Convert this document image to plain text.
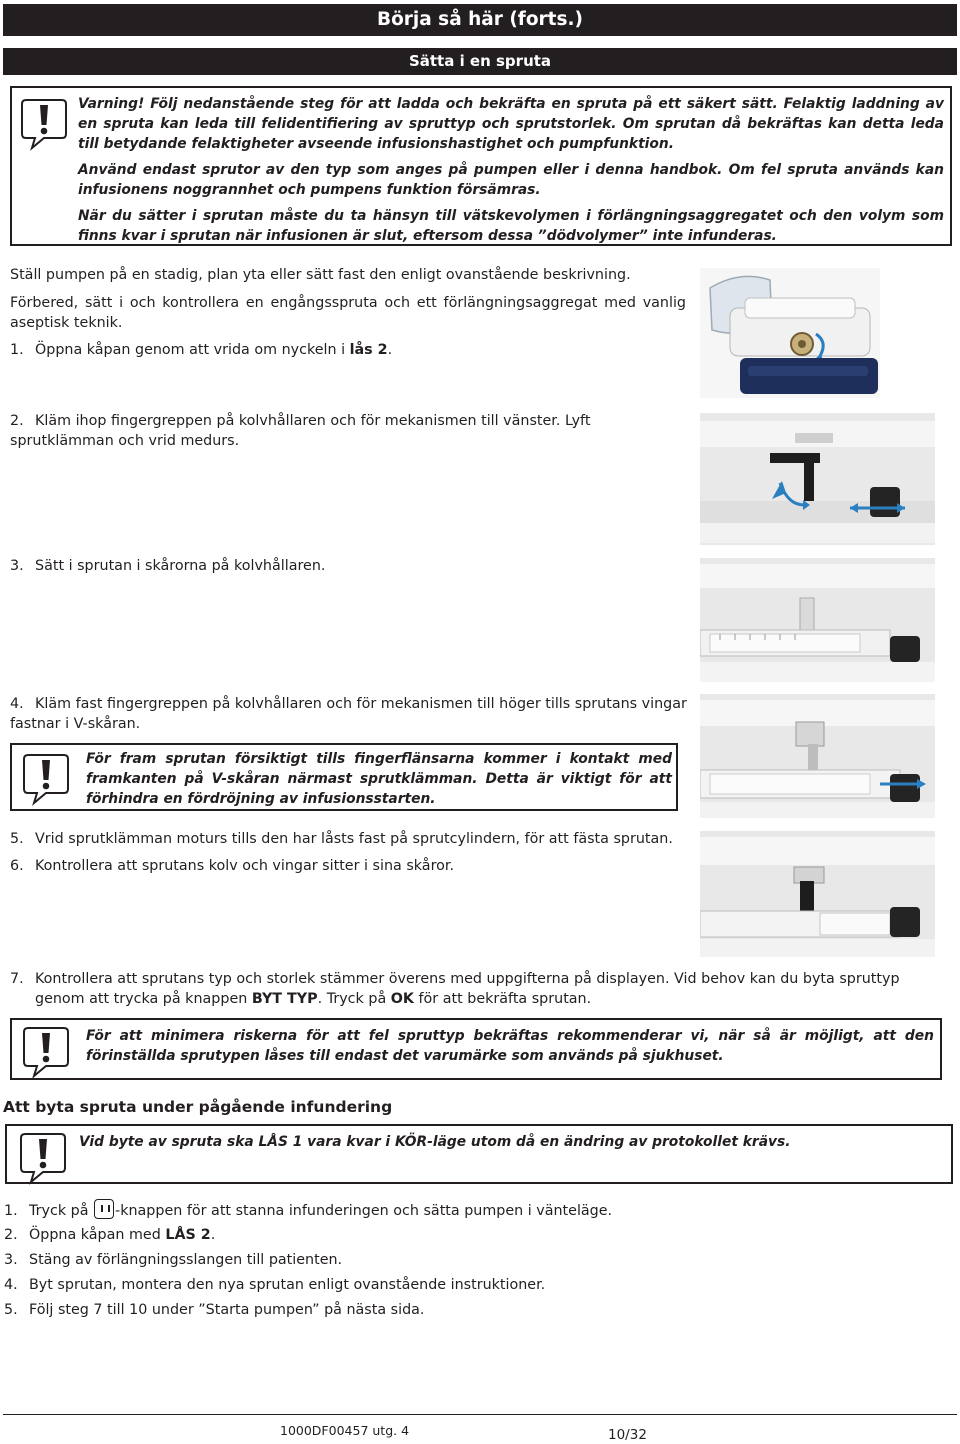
Börja så här (forts.)
Sätta i en spruta

Varning! Följ nedanstående steg för att ladda och bekräfta en spruta på ett säkert sätt. Felaktig laddning av en spruta kan leda till felidentifiering av spruttyp och sprutstorlek. Om sprutan då bekräftas kan detta leda till betydande felaktigheter avseende infusionshastighet och pumpfunktion.

Använd endast sprutor av den typ som anges på pumpen eller i denna handbok. Om fel spruta används kan infusionens noggrannhet och pumpens funktion försämras.

När du sätter i sprutan måste du ta hänsyn till vätskevolymen i förlängningsaggregatet och den volym som finns kvar i sprutan när infusionen är slut, eftersom dessa ”dödvolymer” inte infunderas.

Ställ pumpen på en stadig, plan yta eller sätt fast den enligt ovanstående beskrivning.
Förbered, sätt i och kontrollera en engångsspruta och ett förlängningsaggregat med vanlig aseptisk teknik.
1. Öppna kåpan genom att vrida om nyckeln i lås 2.
2. Kläm ihop fingergreppen på kolvhållaren och för mekanismen till vänster. Lyft sprutklämman och vrid medurs.
3. Sätt i sprutan i skårorna på kolvhållaren.
4. Kläm fast fingergreppen på kolvhållaren och för mekanismen till höger tills sprutans vingar fastnar i V-skåran.
För fram sprutan försiktigt tills fingerflänsarna kommer i kontakt med framkanten på V-skåran närmast sprutklämman. Detta är viktigt för att förhindra en fördröjning av infusionsstarten.
5. Vrid sprutklämman moturs tills den har låsts fast på sprutcylindern, för att fästa sprutan.
6. Kontrollera att sprutans kolv och vingar sitter i sina skåror.
7. Kontrollera att sprutans typ och storlek stämmer överens med uppgifterna på displayen. Vid behov kan du byta spruttyp genom att trycka på knappen BYT TYP. Tryck på OK för att bekräfta sprutan.
För att minimera riskerna för att fel spruttyp bekräftas rekommenderar vi, när så är möjligt, att den förinställda sprutypen låses till endast det varumärke som används på sjukhuset.
Att byta spruta under pågående infundering
Vid byte av spruta ska LÅS 1 vara kvar i KÖR-läge utom då en ändring av protokollet krävs.
1. Tryck på -knappen för att stanna infunderingen och sätta pumpen i vänteläge.
2. Öppna kåpan med LÅS 2.
3. Stäng av förlängningsslangen till patienten.
4. Byt sprutan, montera den nya sprutan enligt ovanstående instruktioner.
5. Följ steg 7 till 10 under ”Starta pumpen” på nästa sida.
1000DF00457 utg. 4	10/32
